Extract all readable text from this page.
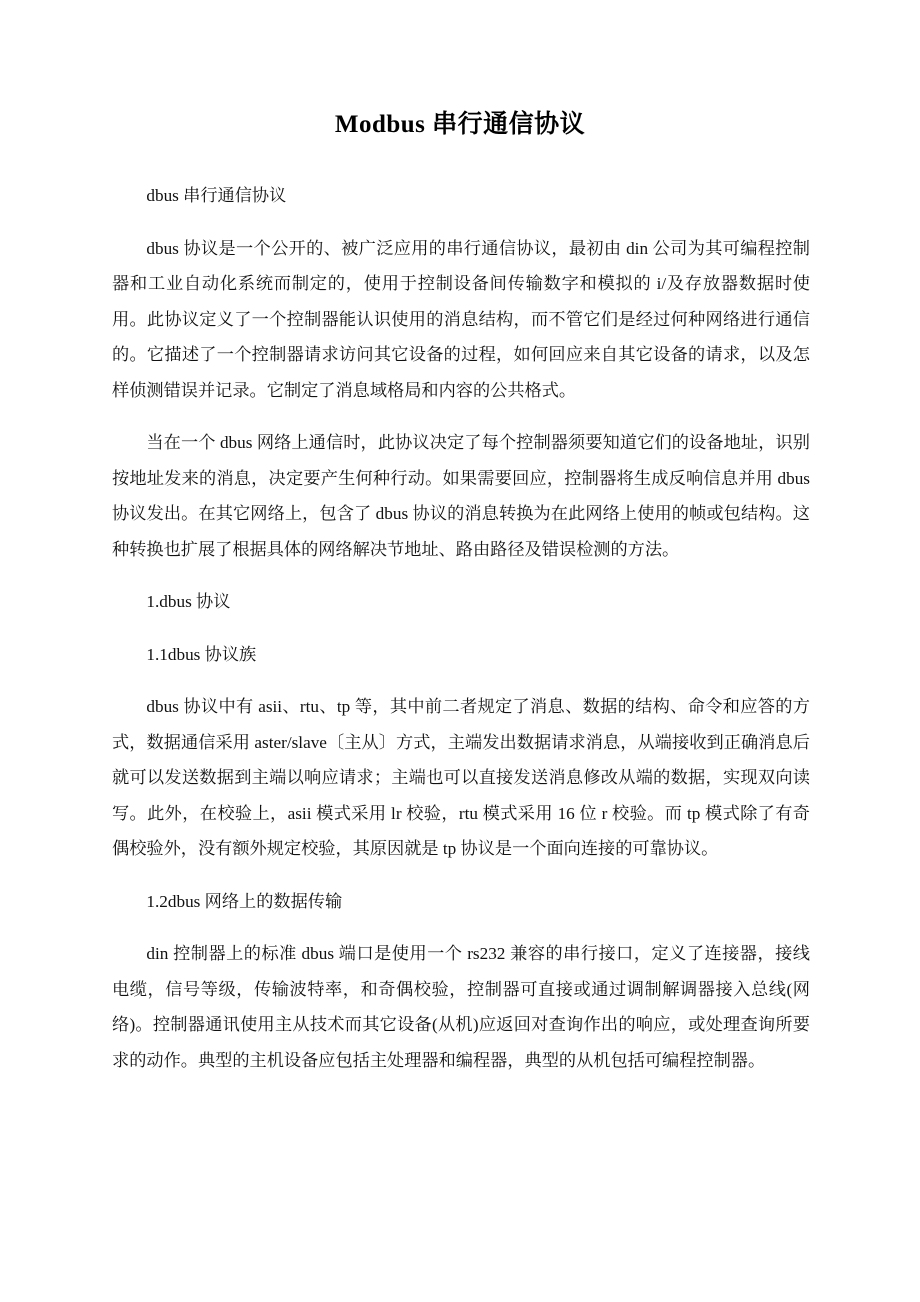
Modbus 串行通信协议

dbus 串行通信协议

dbus 协议是一个公开的、被广泛应用的串行通信协议，最初由 din 公司为其可编程控制器和工业自动化系统而制定的，使用于控制设备间传输数字和模拟的 i/及存放器数据时使用。此协议定义了一个控制器能认识使用的消息结构，而不管它们是经过何种网络进行通信的。它描述了一个控制器请求访问其它设备的过程，如何回应来自其它设备的请求，以及怎样侦测错误并记录。它制定了消息域格局和内容的公共格式。

当在一个 dbus 网络上通信时，此协议决定了每个控制器须要知道它们的设备地址，识别按地址发来的消息，决定要产生何种行动。如果需要回应，控制器将生成反响信息并用 dbus 协议发出。在其它网络上，包含了 dbus 协议的消息转换为在此网络上使用的帧或包结构。这种转换也扩展了根据具体的网络解决节地址、路由路径及错误检测的方法。

1.dbus 协议

1.1dbus 协议族

dbus 协议中有 asii、rtu、tp 等，其中前二者规定了消息、数据的结构、命令和应答的方式，数据通信采用 aster/slave〔主从〕方式，主端发出数据请求消息，从端接收到正确消息后就可以发送数据到主端以响应请求；主端也可以直接发送消息修改从端的数据，实现双向读写。此外，在校验上，asii 模式采用 lr 校验，rtu 模式采用 16 位 r 校验。而 tp 模式除了有奇偶校验外，没有额外规定校验，其原因就是 tp 协议是一个面向连接的可靠协议。

1.2dbus 网络上的数据传输

din 控制器上的标准 dbus 端口是使用一个 rs232 兼容的串行接口，定义了连接器，接线电缆，信号等级，传输波特率，和奇偶校验，控制器可直接或通过调制解调器接入总线(网络)。控制器通讯使用主从技术而其它设备(从机)应返回对查询作出的响应，或处理查询所要求的动作。典型的主机设备应包括主处理器和编程器，典型的从机包括可编程控制器。
